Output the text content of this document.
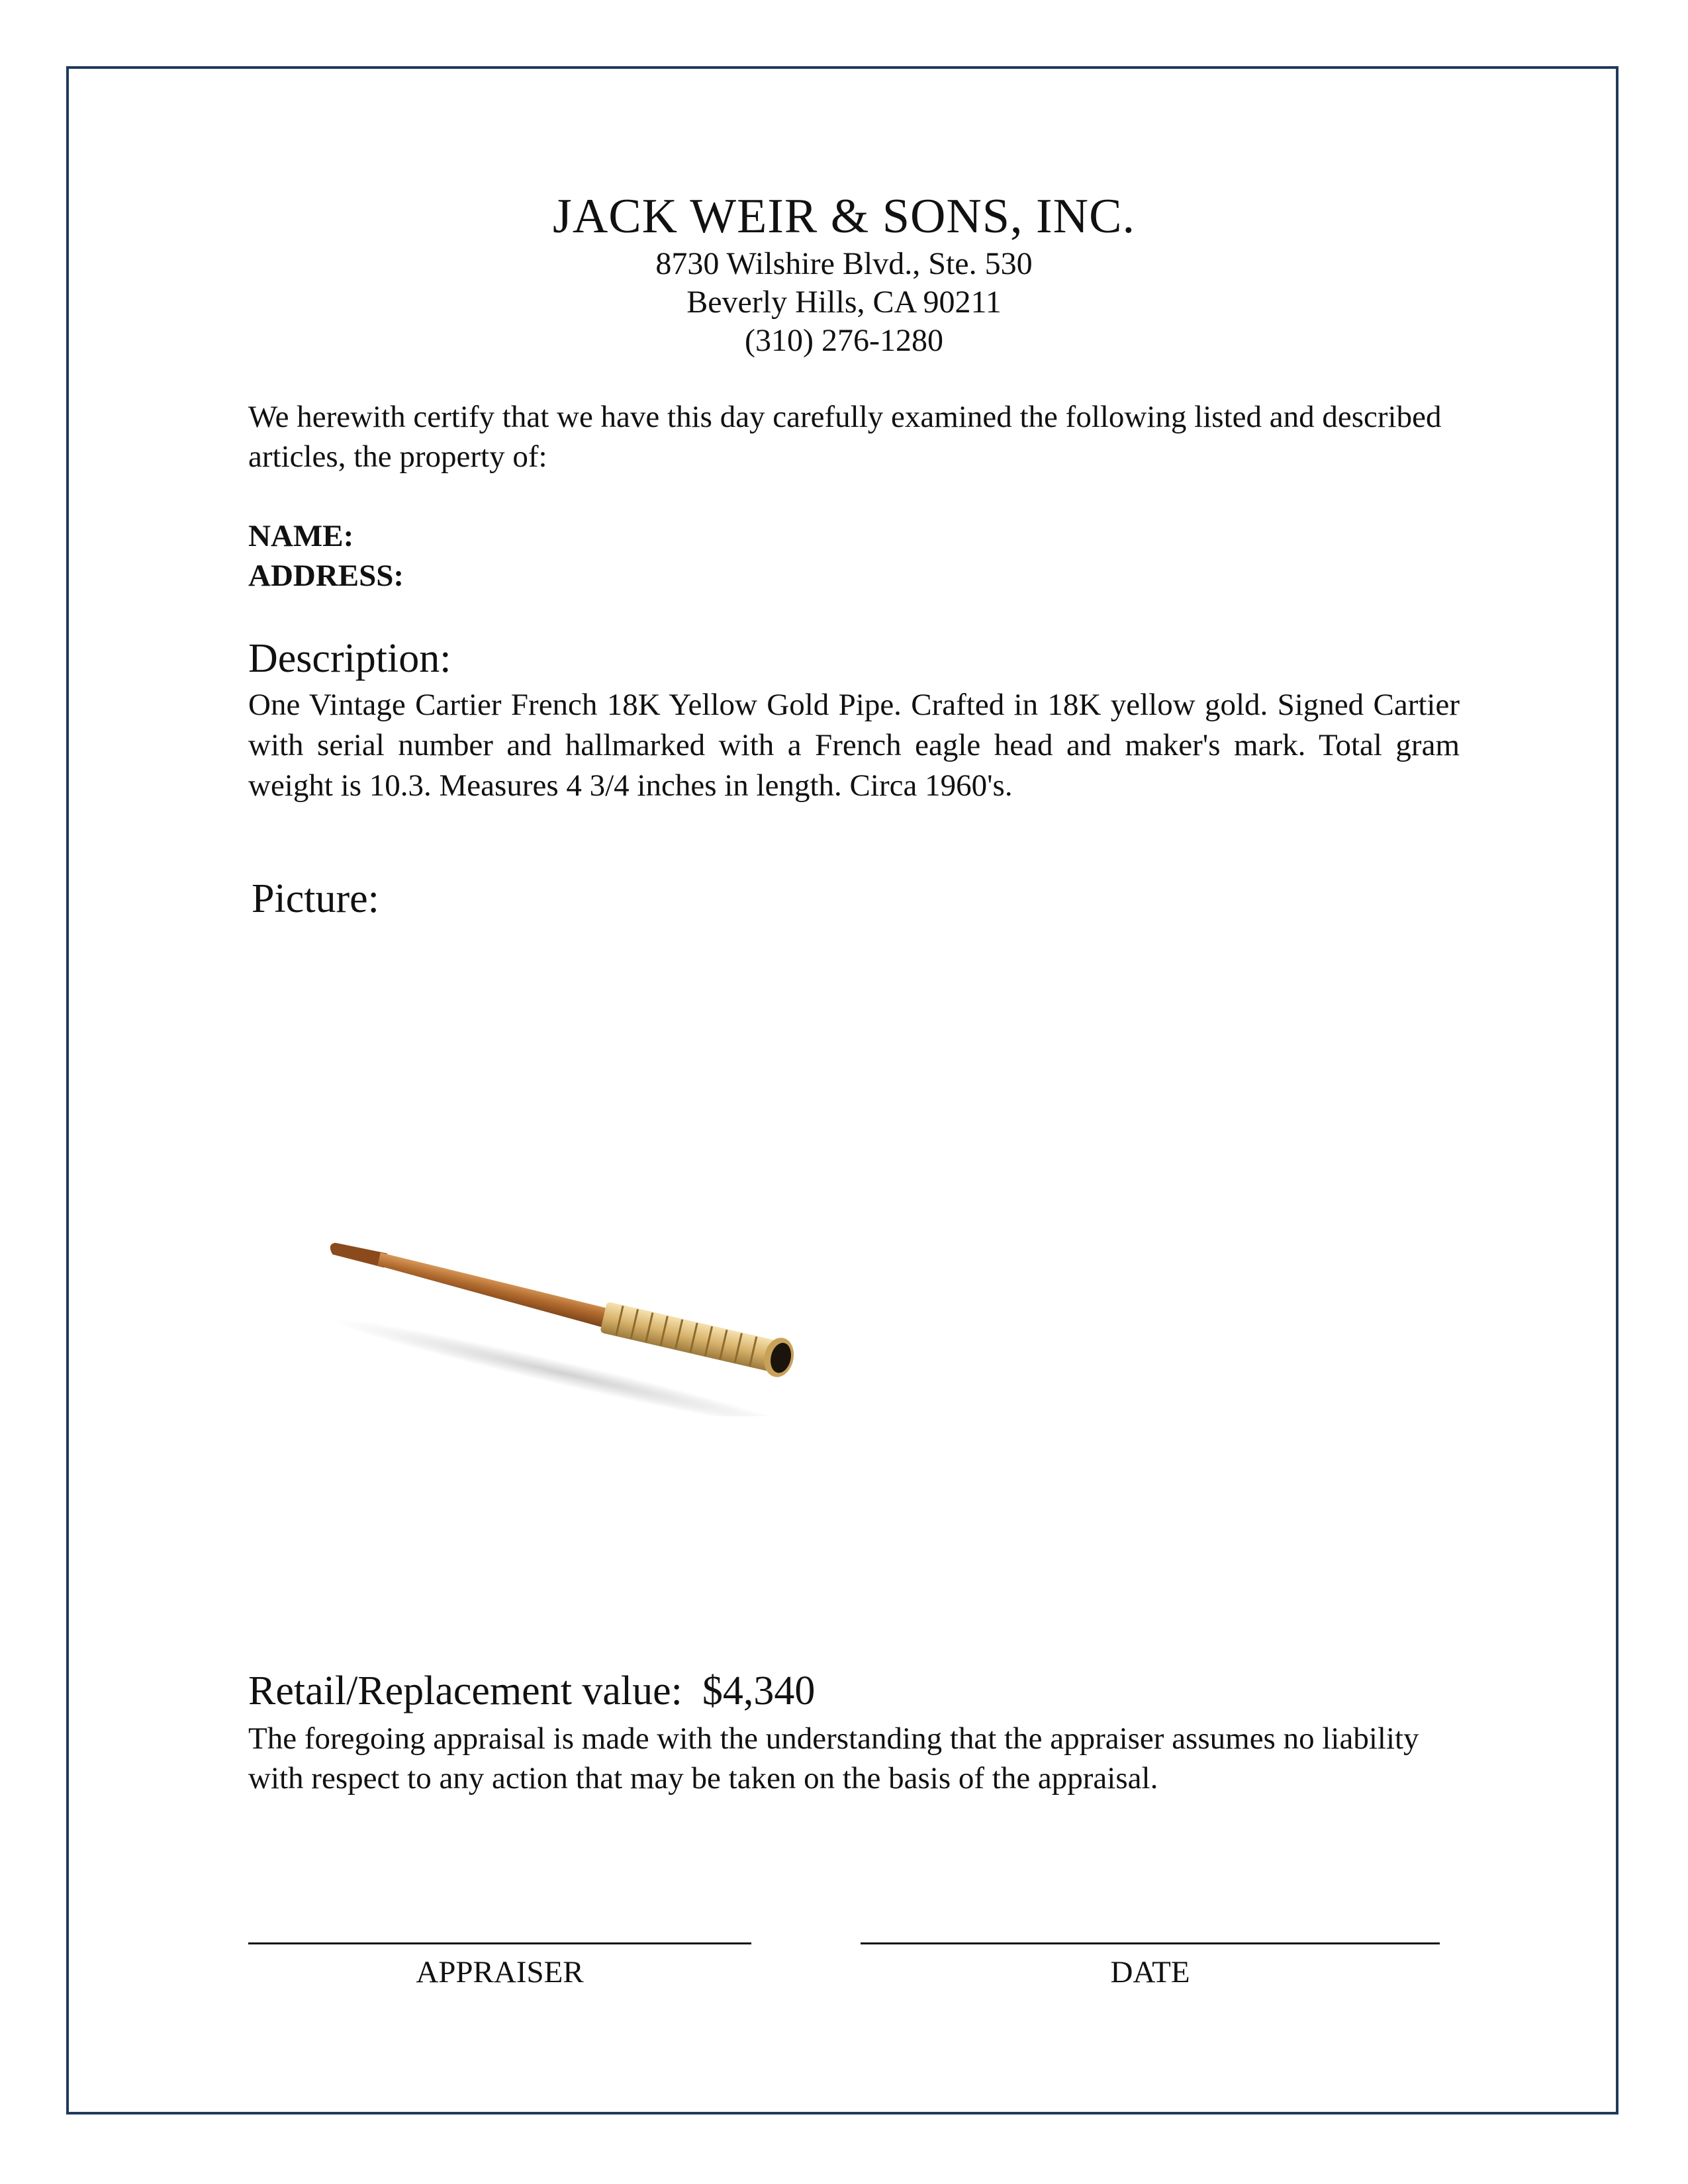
JACK WEIR & SONS, INC.
8730 Wilshire Blvd., Ste. 530
Beverly Hills, CA 90211
(310) 276-1280
We herewith certify that we have this day carefully examined the following listed and described articles, the property of:
NAME:
ADDRESS:
Description:
One Vintage Cartier French 18K Yellow Gold Pipe. Crafted in 18K yellow gold. Signed Cartier with serial number and hallmarked with a French eagle head and maker's mark. Total gram weight is 10.3. Measures 4 3/4 inches in length. Circa 1960's.
Picture:
Retail/Replacement value: $4,340
The foregoing appraisal is made with the understanding that the appraiser assumes no liability with respect to any action that may be taken on the basis of the appraisal.
APPRAISER	DATE
